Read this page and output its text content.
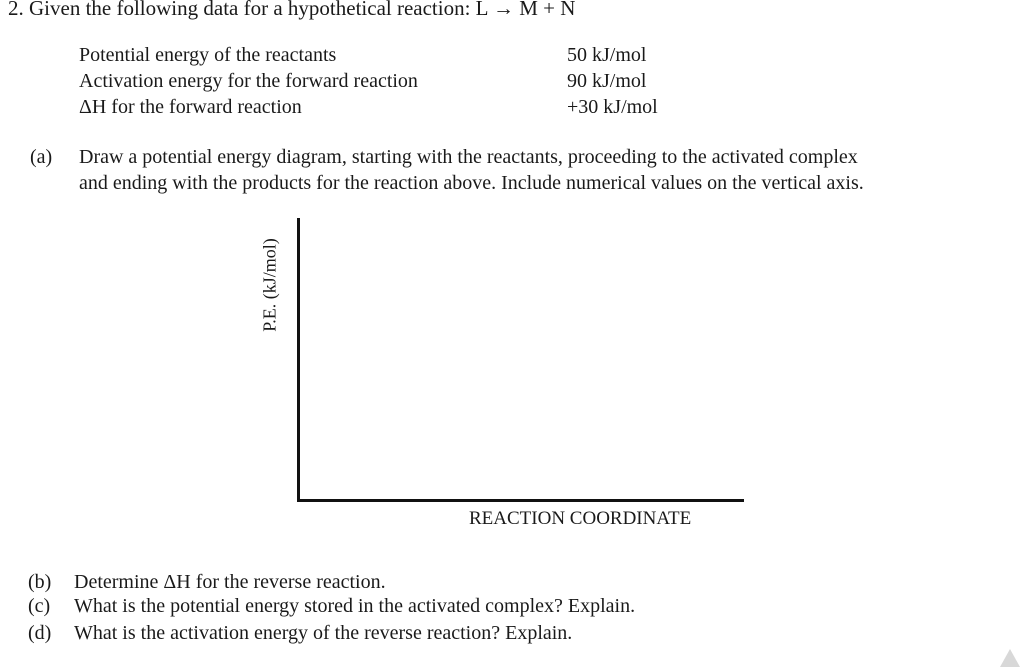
2. Given the following data for a hypothetical reaction: L → M + N
Potential energy of the reactants	50 kJ/mol
Activation energy for the forward reaction	90 kJ/mol
ΔH for the forward reaction	+30 kJ/mol
(a) Draw a potential energy diagram, starting with the reactants, proceeding to the activated complex
and ending with the products for the reaction above. Include numerical values on the vertical axis.
P.E. (kJ/mol)
REACTION COORDINATE
(b) Determine ΔH for the reverse reaction.
(c) What is the potential energy stored in the activated complex? Explain.
(d) What is the activation energy of the reverse reaction? Explain.
